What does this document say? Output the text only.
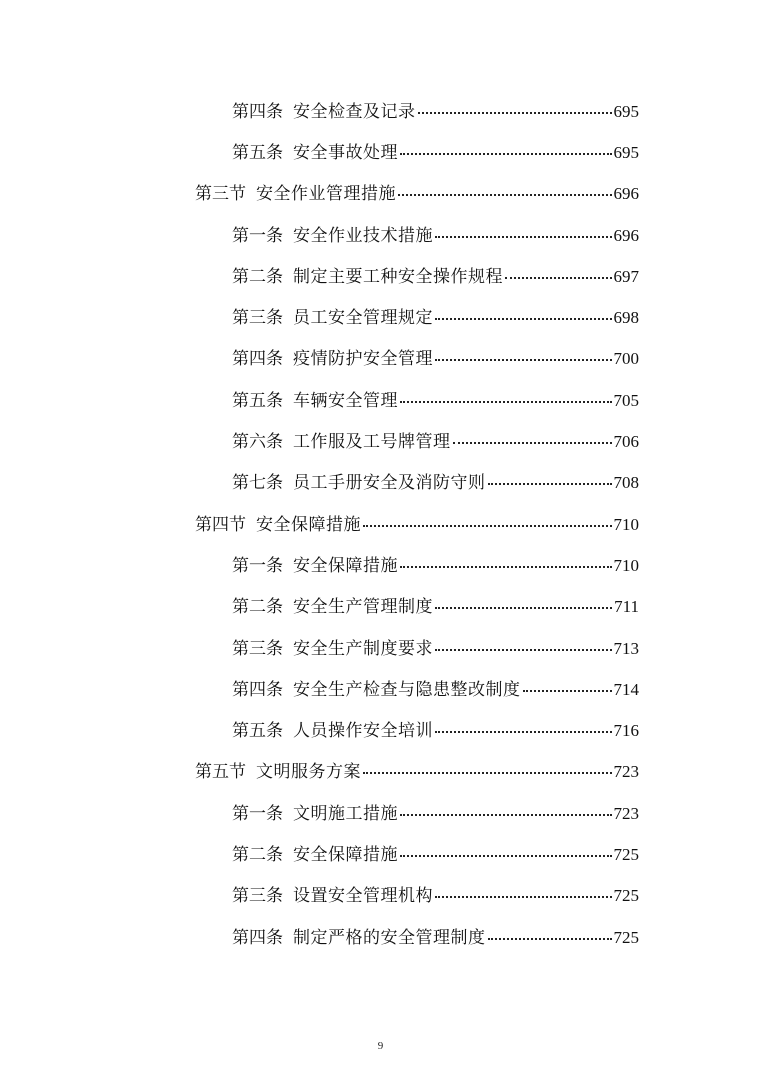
第四条 安全检查及记录	695
第五条 安全事故处理	695
第三节 安全作业管理措施	696
第一条 安全作业技术措施	696
第二条 制定主要工种安全操作规程	697
第三条 员工安全管理规定	698
第四条 疫情防护安全管理	700
第五条 车辆安全管理	705
第六条 工作服及工号牌管理	706
第七条 员工手册安全及消防守则	708
第四节 安全保障措施	710
第一条 安全保障措施	710
第二条 安全生产管理制度	711
第三条 安全生产制度要求	713
第四条 安全生产检查与隐患整改制度	714
第五条 人员操作安全培训	716
第五节 文明服务方案	723
第一条 文明施工措施	723
第二条 安全保障措施	725
第三条 设置安全管理机构	725
第四条 制定严格的安全管理制度	725
9
